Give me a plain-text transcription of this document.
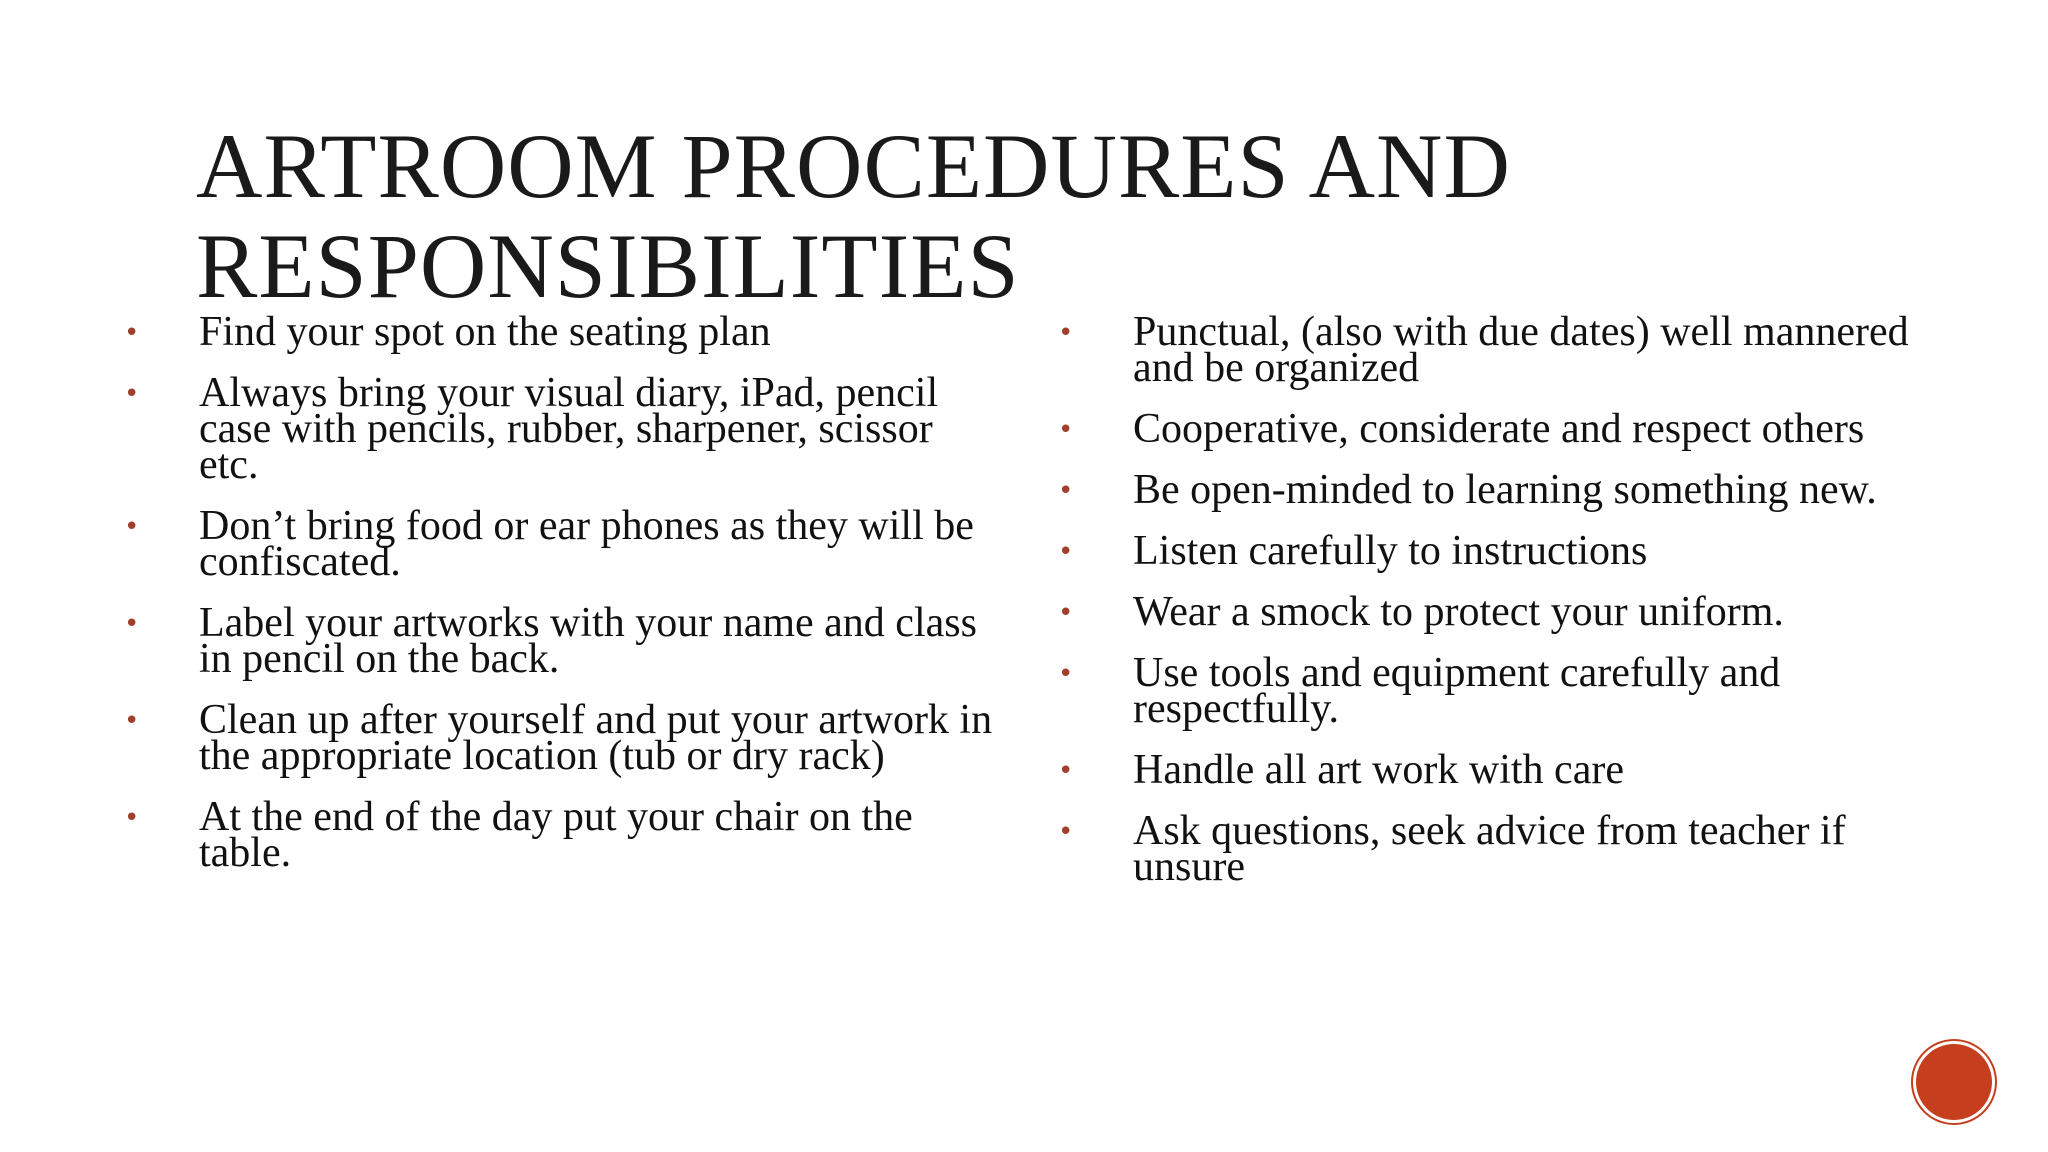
ARTROOM PROCEDURES AND
RESPONSIBILITIES
• Find your spot on the seating plan
• Always bring your visual diary, iPad, pencil case with pencils, rubber, sharpener, scissor etc.
• Don’t bring food or ear phones as they will be confiscated.
• Label your artworks with your name and class in pencil on the back.
• Clean up after yourself and put your artwork in the appropriate location (tub or dry rack)
• At the end of the day put your chair on the table.
• Punctual, (also with due dates) well mannered and be organized
• Cooperative, considerate and respect others
• Be open-minded to learning something new.
• Listen carefully to instructions
• Wear a smock to protect your uniform.
• Use tools and equipment carefully and respectfully.
• Handle all art work with care
• Ask questions, seek advice from teacher if unsure
